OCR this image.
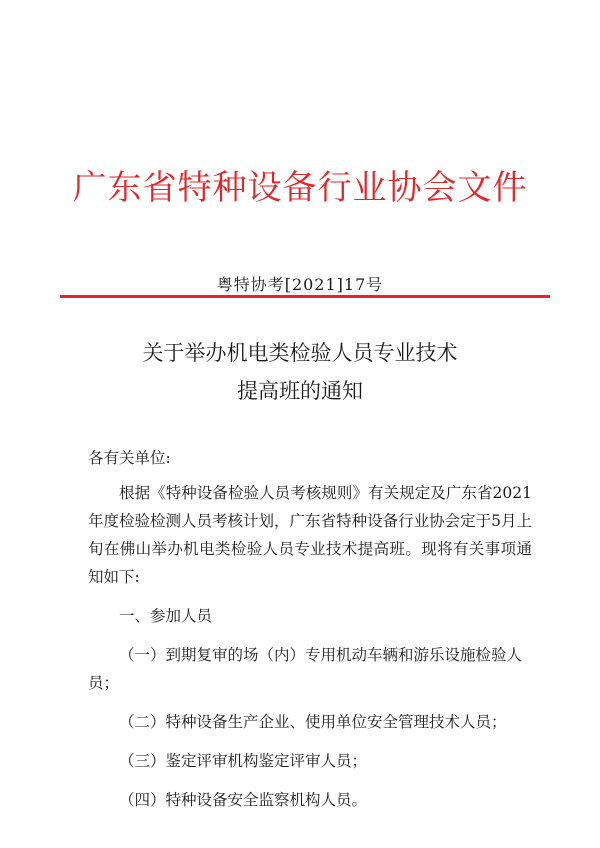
广东省特种设备行业协会文件
粤特协考[2021]17号
关于举办机电类检验人员专业技术
提高班的通知

各有关单位:

根据《特种设备检验人员考核规则》有关规定及广东省2021年度检验检测人员考核计划，广东省特种设备行业协会定于5月上旬在佛山举办机电类检验人员专业技术提高班。现将有关事项通知如下:

一、参加人员

（一）到期复审的场（内）专用机动车辆和游乐设施检验人员；

（二）特种设备生产企业、使用单位安全管理技术人员；

（三）鉴定评审机构鉴定评审人员；

（四）特种设备安全监察机构人员。
